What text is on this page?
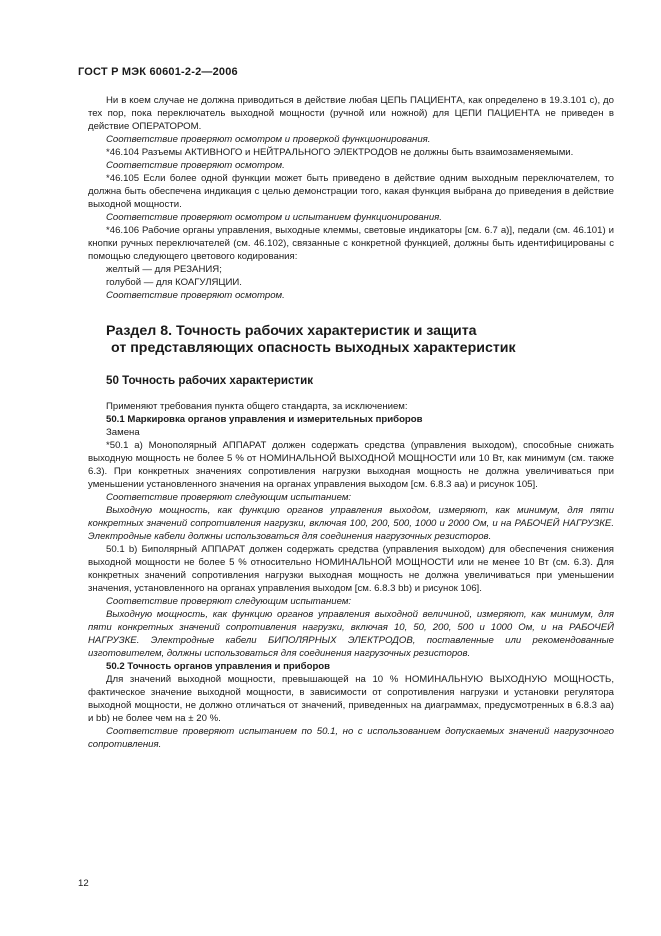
ГОСТ Р МЭК 60601-2-2—2006

Ни в коем случае не должна приводиться в действие любая ЦЕПЬ ПАЦИЕНТА, как определено в 19.3.101 с), до тех пор, пока переключатель выходной мощности (ручной или ножной) для ЦЕПИ ПАЦИЕНТА не приведен в действие ОПЕРАТОРОМ.

Соответствие проверяют осмотром и проверкой функционирования.

*46.104 Разъемы АКТИВНОГО и НЕЙТРАЛЬНОГО ЭЛЕКТРОДОВ не должны быть взаимозаменяемыми.

Соответствие проверяют осмотром.

*46.105 Если более одной функции может быть приведено в действие одним выходным переключателем, то должна быть обеспечена индикация с целью демонстрации того, какая функция выбрана до приведения в действие выходной мощности.

Соответствие проверяют осмотром и испытанием функционирования.

*46.106 Рабочие органы управления, выходные клеммы, световые индикаторы [см. 6.7 а)], педали (см. 46.101) и кнопки ручных переключателей (см. 46.102), связанные с конкретной функцией, должны быть идентифицированы с помощью следующего цветового кодирования:

желтый — для РЕЗАНИЯ;

голубой — для КОАГУЛЯЦИИ.

Соответствие проверяют осмотром.

Раздел 8. Точность рабочих характеристик и защита
от представляющих опасность выходных характеристик
50 Точность рабочих характеристик

Применяют требования пункта общего стандарта, за исключением:

50.1 Маркировка органов управления и измерительных приборов

Замена

*50.1 а) Монополярный АППАРАТ должен содержать средства (управления выходом), способные снижать выходную мощность не более 5 % от НОМИНАЛЬНОЙ ВЫХОДНОЙ МОЩНОСТИ или 10 Вт, как минимум (см. также 6.3). При конкретных значениях сопротивления нагрузки выходная мощность не должна увеличиваться при уменьшении установленного значения на органах управления выходом [см. 6.8.3 аа) и рисунок 105].

Соответствие проверяют следующим испытанием:

Выходную мощность, как функцию органов управления выходом, измеряют, как минимум, для пяти конкретных значений сопротивления нагрузки, включая 100, 200, 500, 1000 и 2000 Ом, и на РАБОЧЕЙ НАГРУЗКЕ. Электродные кабели должны использоваться для соединения нагрузочных резисторов.

50.1 b) Биполярный АППАРАТ должен содержать средства (управления выходом) для обеспечения снижения выходной мощности не более 5 % относительно НОМИНАЛЬНОЙ МОЩНОСТИ или не менее 10 Вт (см. 6.3). Для конкретных значений сопротивления нагрузки выходная мощность не должна увеличиваться при уменьшении значения, установленного на органах управления выходом [см. 6.8.3 bb) и рисунок 106].

Соответствие проверяют следующим испытанием:

Выходную мощность, как функцию органов управления выходной величиной, измеряют, как минимум, для пяти конкретных значений сопротивления нагрузки, включая 10, 50, 200, 500 и 1000 Ом, и на РАБОЧЕЙ НАГРУЗКЕ. Электродные кабели БИПОЛЯРНЫХ ЭЛЕКТРОДОВ, поставленные или рекомендованные изготовителем, должны использоваться для соединения нагрузочных резисторов.

50.2 Точность органов управления и приборов

Для значений выходной мощности, превышающей на 10 % НОМИНАЛЬНУЮ ВЫХОДНУЮ МОЩНОСТЬ, фактическое значение выходной мощности, в зависимости от сопротивления нагрузки и установки регулятора выходной мощности, не должно отличаться от значений, приведенных на диаграммах, предусмотренных в 6.8.3 аа) и bb) не более чем на ± 20 %.

Соответствие проверяют испытанием по 50.1, но с использованием допускаемых значений нагрузочного сопротивления.

12
